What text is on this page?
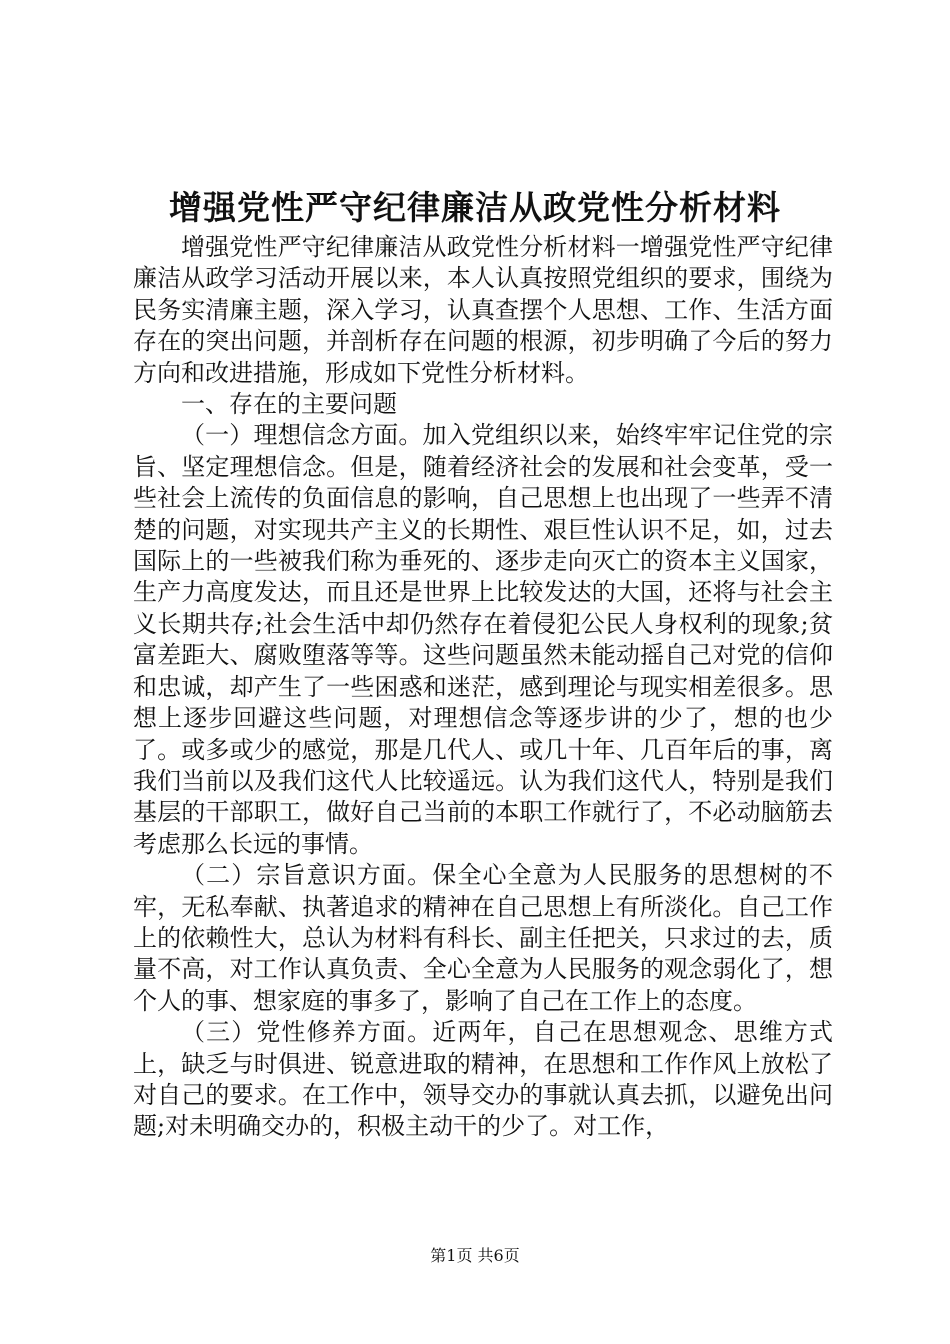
增强党性严守纪律廉洁从政党性分析材料

增强党性严守纪律廉洁从政党性分析材料一增强党性严守纪律廉洁从政学习活动开展以来，本人认真按照党组织的要求，围绕为民务实清廉主题，深入学习，认真查摆个人思想、工作、生活方面存在的突出问题，并剖析存在问题的根源，初步明确了今后的努力方向和改进措施，形成如下党性分析材料。

一、存在的主要问题

（一）理想信念方面。加入党组织以来，始终牢牢记住党的宗旨、坚定理想信念。但是，随着经济社会的发展和社会变革，受一些社会上流传的负面信息的影响，自己思想上也出现了一些弄不清楚的问题，对实现共产主义的长期性、艰巨性认识不足，如，过去国际上的一些被我们称为垂死的、逐步走向灭亡的资本主义国家，生产力高度发达，而且还是世界上比较发达的大国，还将与社会主义长期共存;社会生活中却仍然存在着侵犯公民人身权利的现象;贫富差距大、腐败堕落等等。这些问题虽然未能动摇自己对党的信仰和忠诚，却产生了一些困惑和迷茫，感到理论与现实相差很多。思想上逐步回避这些问题，对理想信念等逐步讲的少了，想的也少了。或多或少的感觉，那是几代人、或几十年、几百年后的事，离我们当前以及我们这代人比较遥远。认为我们这代人，特别是我们基层的干部职工，做好自己当前的本职工作就行了，不必动脑筋去考虑那么长远的事情。

（二）宗旨意识方面。保全心全意为人民服务的思想树的不牢，无私奉献、执著追求的精神在自己思想上有所淡化。自己工作上的依赖性大，总认为材料有科长、副主任把关，只求过的去，质量不高，对工作认真负责、全心全意为人民服务的观念弱化了，想个人的事、想家庭的事多了，影响了自己在工作上的态度。

（三）党性修养方面。近两年，自己在思想观念、思维方式上，缺乏与时俱进、锐意进取的精神，在思想和工作作风上放松了对自己的要求。在工作中，领导交办的事就认真去抓，以避免出问题;对未明确交办的，积极主动干的少了。对工作，

第1页 共6页
